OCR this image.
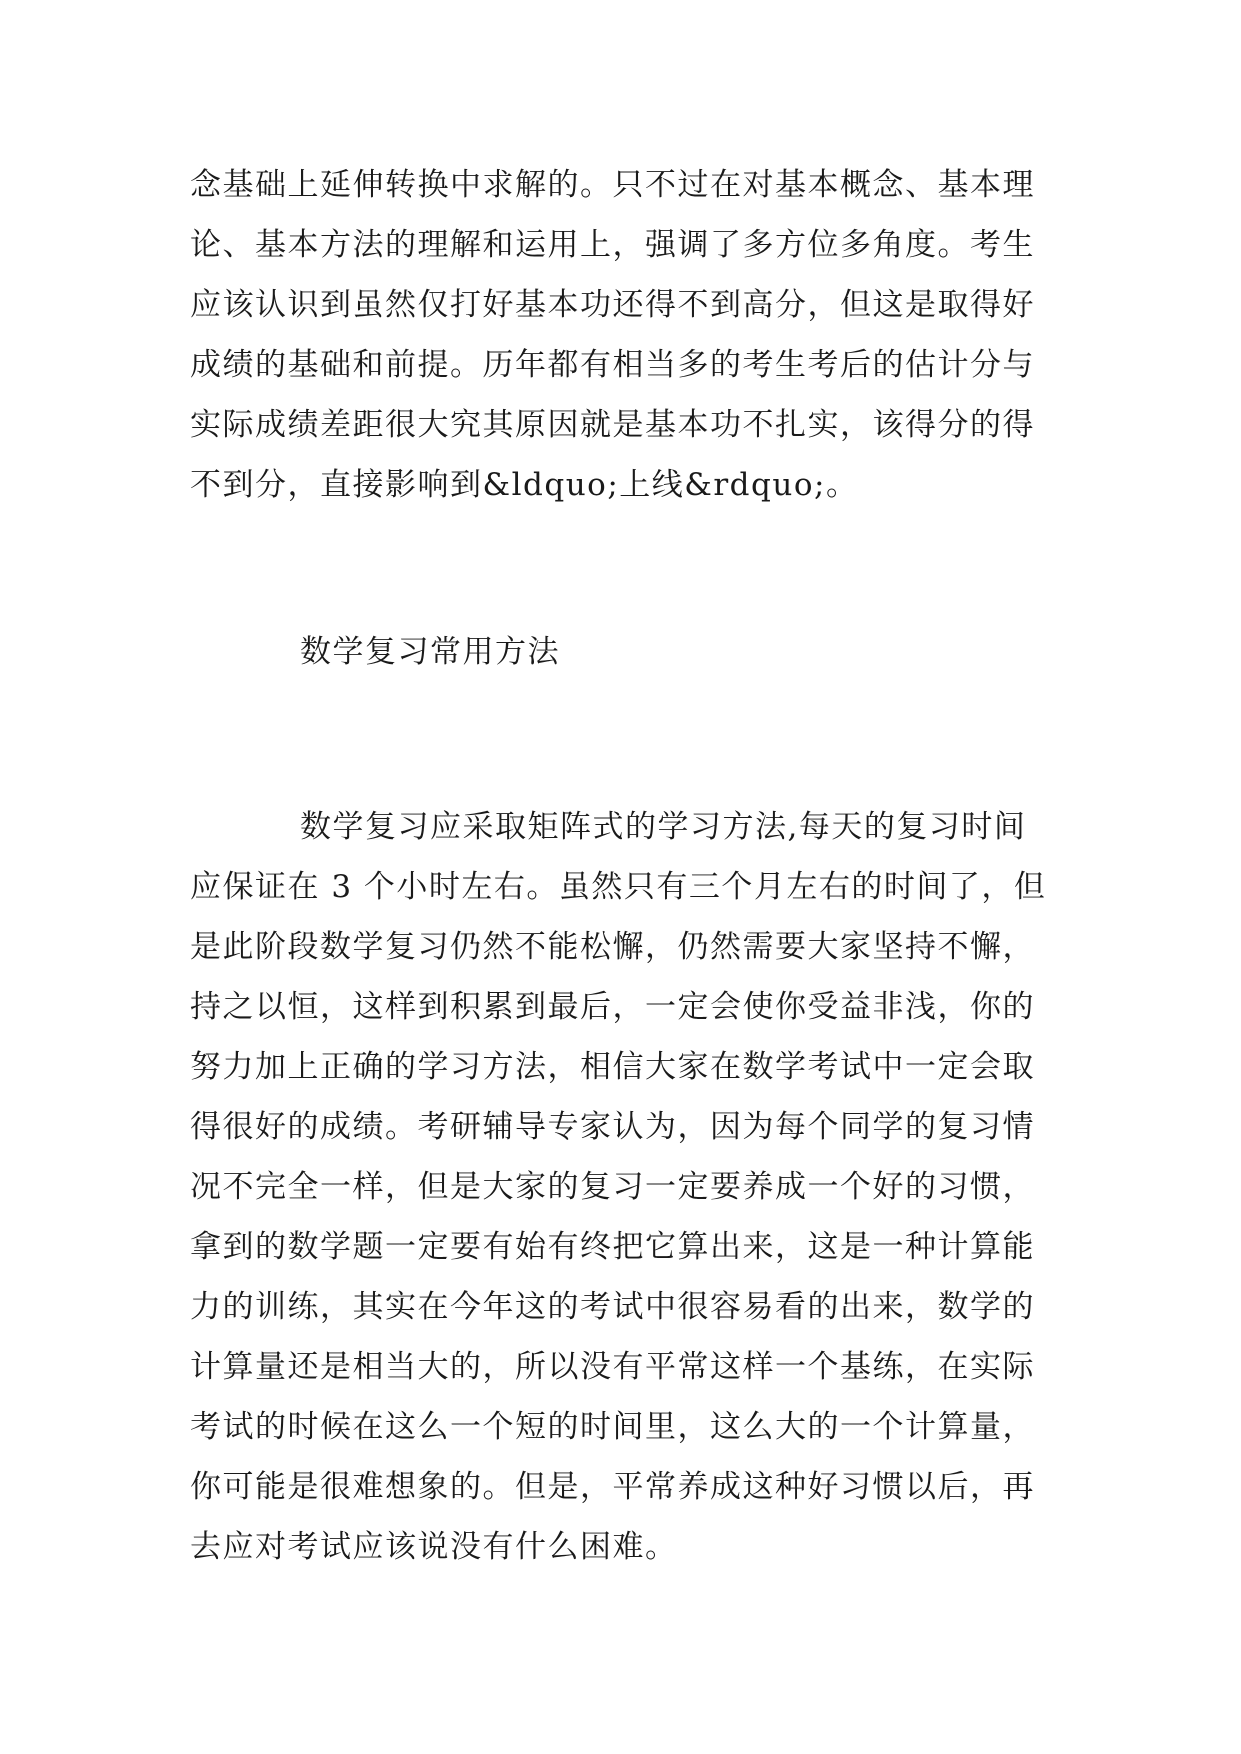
念基础上延伸转换中求解的。只不过在对基本概念、基本理
论、基本方法的理解和运用上，强调了多方位多角度。考生
应该认识到虽然仅打好基本功还得不到高分，但这是取得好
成绩的基础和前提。历年都有相当多的考生考后的估计分与
实际成绩差距很大究其原因就是基本功不扎实，该得分的得
不到分，直接影响到&ldquo;上线&rdquo;。
数学复习常用方法
数学复习应采取矩阵式的学习方法,每天的复习时间
应保证在 3 个小时左右。虽然只有三个月左右的时间了，但
是此阶段数学复习仍然不能松懈，仍然需要大家坚持不懈，
持之以恒，这样到积累到最后，一定会使你受益非浅，你的
努力加上正确的学习方法，相信大家在数学考试中一定会取
得很好的成绩。考研辅导专家认为，因为每个同学的复习情
况不完全一样，但是大家的复习一定要养成一个好的习惯，
拿到的数学题一定要有始有终把它算出来，这是一种计算能
力的训练，其实在今年这的考试中很容易看的出来，数学的
计算量还是相当大的，所以没有平常这样一个基练，在实际
考试的时候在这么一个短的时间里，这么大的一个计算量，
你可能是很难想象的。但是，平常养成这种好习惯以后，再
去应对考试应该说没有什么困难。
